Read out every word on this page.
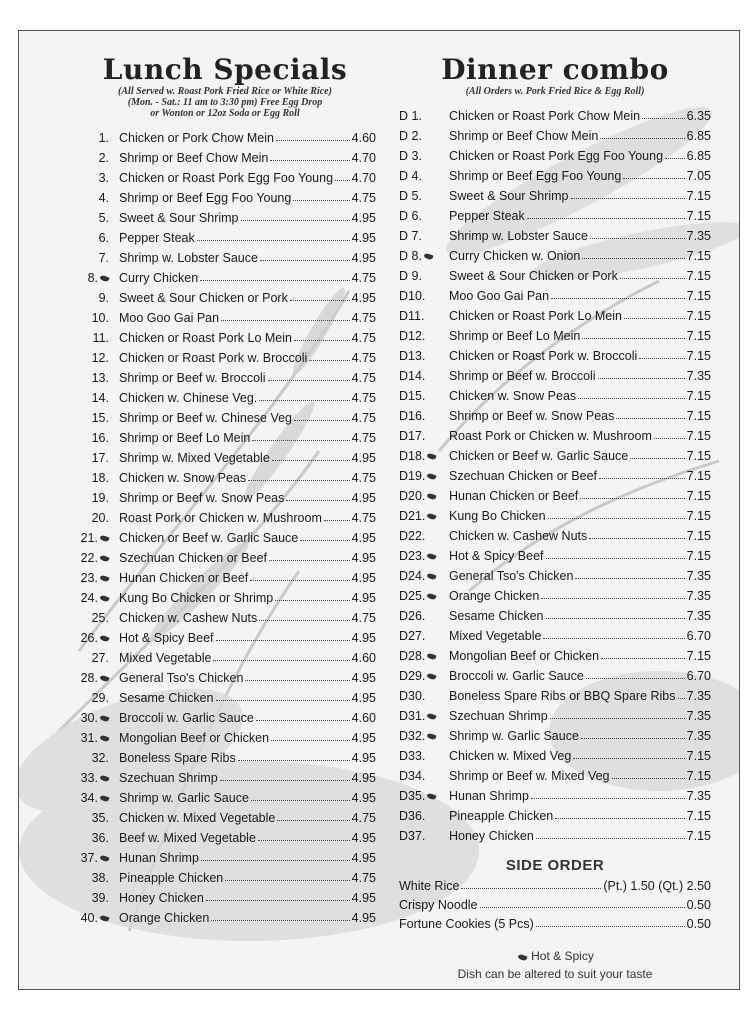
Lunch Specials
(All Served w. Roast Pork Fried Rice or White Rice)
(Mon. - Sat.: 11 am to 3:30 pm) Free Egg Drop
or Wonton or 12oz Soda or Egg Roll
1. Chicken or Pork Chow Mein	4.60
2. Shrimp or Beef Chow Mein	4.70
3. Chicken or Roast Pork Egg Foo Young 4.70
4. Shrimp or Beef Egg Foo Young	4.75
5. Sweet & Sour Shrimp	4.95
6. Pepper Steak	4.95
7. Shrimp w. Lobster Sauce	4.95
8. Curry Chicken	4.75
9. Sweet & Sour Chicken or Pork	4.95
10. Moo Goo Gai Pan	4.75
11. Chicken or Roast Pork Lo Mein	4.75
12. Chicken or Roast Pork w. Broccoli	4.75
13. Shrimp or Beef w. Broccoli	4.75
14. Chicken w. Chinese Veg.	4.75
15. Shrimp or Beef w. Chinese Veg	4.75
16. Shrimp or Beef Lo Mein	4.75
17. Shrimp w. Mixed Vegetable	4.95
18. Chicken w. Snow Peas	4.75
19. Shrimp or Beef w. Snow Peas	4.95
20. Roast Pork or Chicken w. Mushroom 4.75
21. Chicken or Beef w. Garlic Sauce	4.95
22. Szechuan Chicken or Beef	4.95
23. Hunan Chicken or Beef	4.95
24. Kung Bo Chicken or Shrimp	4.95
25. Chicken w. Cashew Nuts	4.75
26. Hot & Spicy Beef	4.95
27. Mixed Vegetable	4.60
28. General Tso's Chicken	4.95
29. Sesame Chicken	4.95
30. Broccoli w. Garlic Sauce	4.60
31. Mongolian Beef or Chicken	4.95
32. Boneless Spare Ribs	4.95
33. Szechuan Shrimp	4.95
34. Shrimp w. Garlic Sauce	4.95
35. Chicken w. Mixed Vegetable	4.75
36. Beef w. Mixed Vegetable	4.95
37. Hunan Shrimp	4.95
38. Pineapple Chicken	4.75
39. Honey Chicken	4.95
40. Orange Chicken	4.95
Dinner combo
(All Orders w. Pork Fried Rice & Egg Roll)
D 1. Chicken or Roast Pork Chow Mein	6.35
D 2. Shrimp or Beef Chow Mein	6.85
D 3. Chicken or Roast Pork Egg Foo Young 6.85
D 4. Shrimp or Beef Egg Foo Young	7.05
D 5. Sweet & Sour Shrimp	7.15
D 6. Pepper Steak	7.15
D 7. Shrimp w. Lobster Sauce	7.35
D 8. Curry Chicken w. Onion	7.15
D 9. Sweet & Sour Chicken or Pork	7.15
D10. Moo Goo Gai Pan	7.15
D11. Chicken or Roast Pork Lo Mein	7.15
D12. Shrimp or Beef Lo Mein	7.15
D13. Chicken or Roast Pork w. Broccoli	7.15
D14. Shrimp or Beef w. Broccoli	7.35
D15. Chicken w. Snow Peas	7.15
D16. Shrimp or Beef w. Snow Peas	7.15
D17. Roast Pork or Chicken w. Mushroom	7.15
D18. Chicken or Beef w. Garlic Sauce	7.15
D19. Szechuan Chicken or Beef	7.15
D20. Hunan Chicken or Beef	7.15
D21. Kung Bo Chicken	7.15
D22. Chicken w. Cashew Nuts	7.15
D23. Hot & Spicy Beef	7.15
D24. General Tso's Chicken	7.35
D25. Orange Chicken	7.35
D26. Sesame Chicken	7.35
D27. Mixed Vegetable	6.70
D28. Mongolian Beef or Chicken	7.15
D29. Broccoli w. Garlic Sauce	6.70
D30. Boneless Spare Ribs or BBQ Spare Ribs 7.35
D31. Szechuan Shrimp	7.35
D32. Shrimp w. Garlic Sauce	7.35
D33. Chicken w. Mixed Veg	7.15
D34. Shrimp or Beef w. Mixed Veg	7.15
D35. Hunan Shrimp	7.35
D36. Pineapple Chicken	7.15
D37. Honey Chicken	7.15
SIDE ORDER
White Rice	(Pt.) 1.50 (Qt.) 2.50
Crispy Noodle	0.50
Fortune Cookies (5 Pcs)	0.50
Hot & Spicy
Dish can be altered to suit your taste
